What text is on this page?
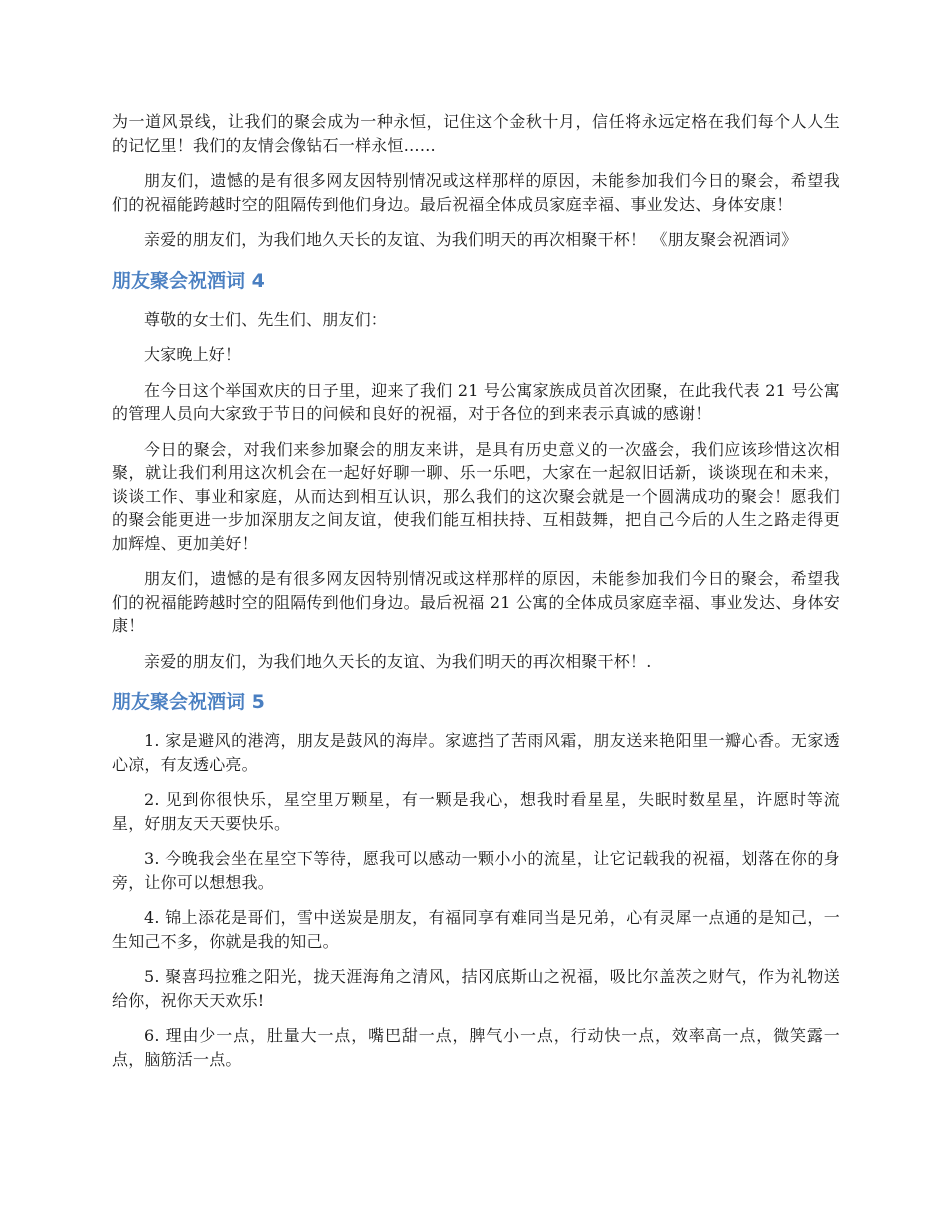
为一道风景线，让我们的聚会成为一种永恒，记住这个金秋十月，信任将永远定格在我们每个人人生的记忆里！我们的友情会像钻石一样永恒……

朋友们，遗憾的是有很多网友因特别情况或这样那样的原因，未能参加我们今日的聚会，希望我们的祝福能跨越时空的阻隔传到他们身边。最后祝福全体成员家庭幸福、事业发达、身体安康！

亲爱的朋友们，为我们地久天长的友谊、为我们明天的再次相聚干杯！ 《朋友聚会祝酒词》

朋友聚会祝酒词 4

尊敬的女士们、先生们、朋友们：

大家晚上好！

在今日这个举国欢庆的日子里，迎来了我们 21 号公寓家族成员首次团聚，在此我代表 21 号公寓的管理人员向大家致于节日的问候和良好的祝福，对于各位的到来表示真诚的感谢！

今日的聚会，对我们来参加聚会的朋友来讲，是具有历史意义的一次盛会，我们应该珍惜这次相聚，就让我们利用这次机会在一起好好聊一聊、乐一乐吧，大家在一起叙旧话新，谈谈现在和未来，谈谈工作、事业和家庭，从而达到相互认识，那么我们的这次聚会就是一个圆满成功的聚会！愿我们的聚会能更进一步加深朋友之间友谊，使我们能互相扶持、互相鼓舞，把自己今后的人生之路走得更加辉煌、更加美好！

朋友们，遗憾的是有很多网友因特别情况或这样那样的原因，未能参加我们今日的聚会，希望我们的祝福能跨越时空的阻隔传到他们身边。最后祝福 21 公寓的全体成员家庭幸福、事业发达、身体安康！

亲爱的朋友们，为我们地久天长的友谊、为我们明天的再次相聚干杯！.

朋友聚会祝酒词 5

1. 家是避风的港湾，朋友是鼓风的海岸。家遮挡了苦雨风霜，朋友送来艳阳里一瓣心香。无家透心凉，有友透心亮。

2. 见到你很快乐，星空里万颗星，有一颗是我心，想我时看星星，失眠时数星星，许愿时等流星，好朋友天天要快乐。

3. 今晚我会坐在星空下等待，愿我可以感动一颗小小的流星，让它记载我的祝福，划落在你的身旁，让你可以想想我。

4. 锦上添花是哥们，雪中送炭是朋友，有福同享有难同当是兄弟，心有灵犀一点通的是知己，一生知己不多，你就是我的知己。

5. 聚喜玛拉雅之阳光，拢天涯海角之清风，拮冈底斯山之祝福，吸比尔盖茨之财气，作为礼物送给你，祝你天天欢乐!

6. 理由少一点，肚量大一点，嘴巴甜一点，脾气小一点，行动快一点，效率高一点，微笑露一点，脑筋活一点。
